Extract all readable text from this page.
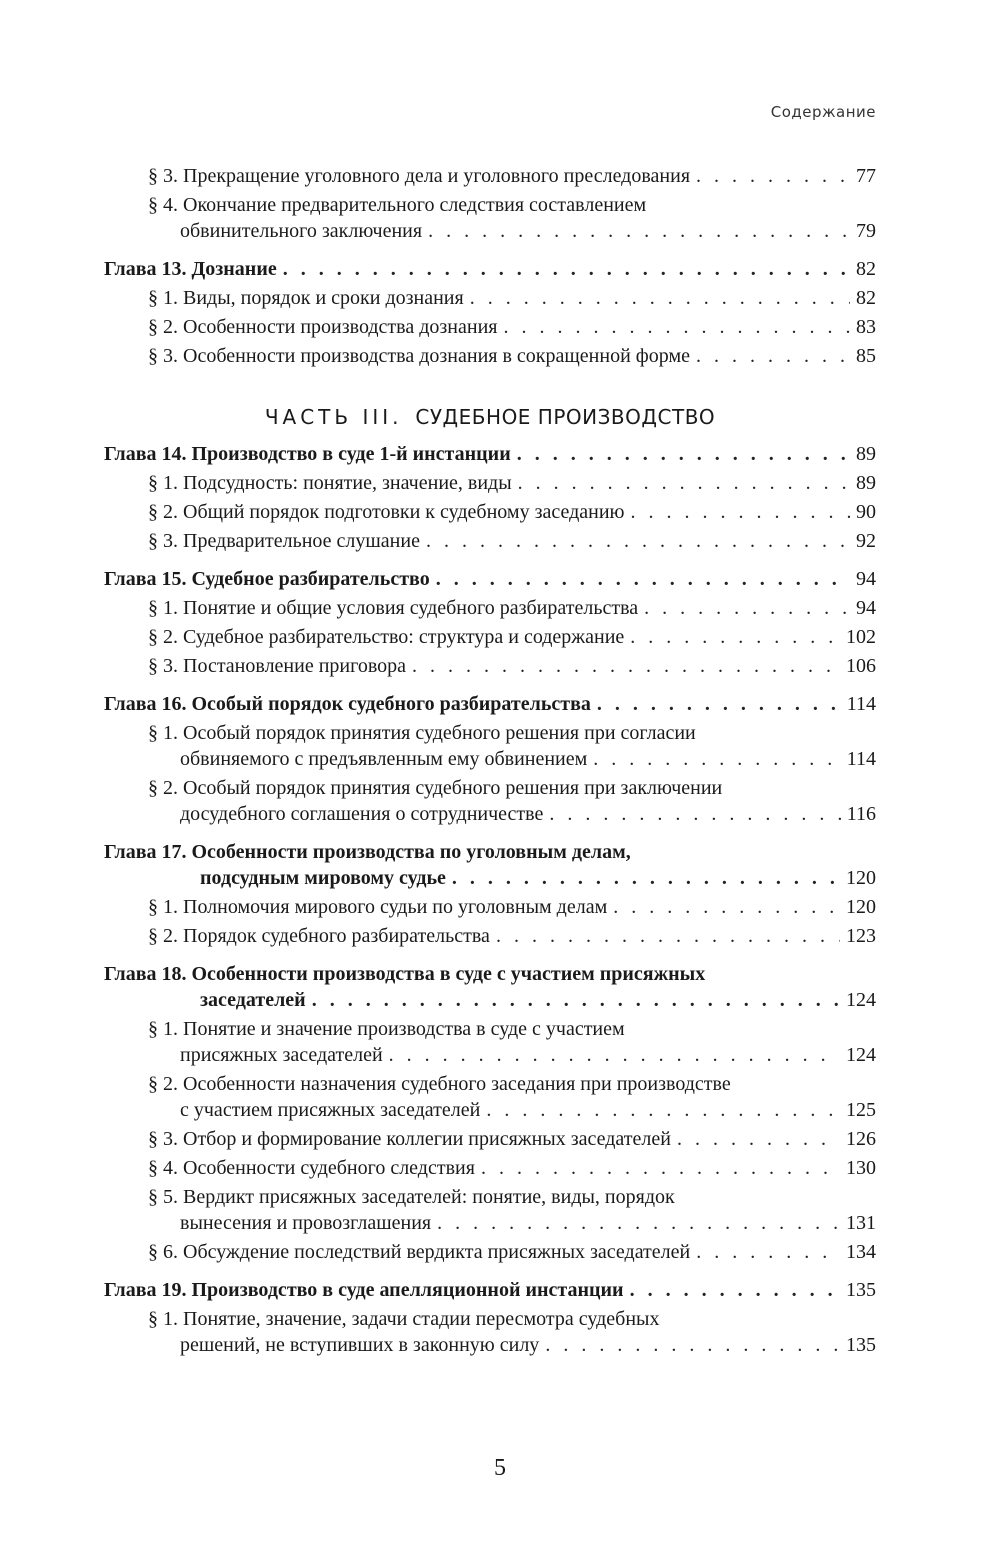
Содержание
§ 3. Прекращение уголовного дела и уголовного преследования . . .	77
§ 4. Окончание предварительного следствия составлением
обвинительного заключения . . .	79
Глава 13. Дознание . . .	82
§ 1. Виды, порядок и сроки дознания . . .	82
§ 2. Особенности производства дознания . . .	83
§ 3. Особенности производства дознания в сокращенной форме . . .	85
ЧАСТЬ III. СУДЕБНОЕ ПРОИЗВОДСТВО
Глава 14. Производство в суде 1-й инстанции . . .	89
§ 1. Подсудность: понятие, значение, виды . . .	89
§ 2. Общий порядок подготовки к судебному заседанию . . .	90
§ 3. Предварительное слушание . . .	92
Глава 15. Судебное разбирательство . . .	94
§ 1. Понятие и общие условия судебного разбирательства . . .	94
§ 2. Судебное разбирательство: структура и содержание . . .	102
§ 3. Постановление приговора . . .	106
Глава 16. Особый порядок судебного разбирательства . . .	114
§ 1. Особый порядок принятия судебного решения при согласии
обвиняемого с предъявленным ему обвинением . . .	114
§ 2. Особый порядок принятия судебного решения при заключении
досудебного соглашения о сотрудничестве . . .	116
Глава 17. Особенности производства по уголовным делам,
подсудным мировому судье . . .	120
§ 1. Полномочия мирового судьи по уголовным делам . . .	120
§ 2. Порядок судебного разбирательства . . .	123
Глава 18. Особенности производства в суде с участием присяжных
заседателей . . .	124
§ 1. Понятие и значение производства в суде с участием
присяжных заседателей . . .	124
§ 2. Особенности назначения судебного заседания при производстве
с участием присяжных заседателей . . .	125
§ 3. Отбор и формирование коллегии присяжных заседателей . . .	126
§ 4. Особенности судебного следствия . . .	130
§ 5. Вердикт присяжных заседателей: понятие, виды, порядок
вынесения и провозглашения . . .	131
§ 6. Обсуждение последствий вердикта присяжных заседателей . . .	134
Глава 19. Производство в суде апелляционной инстанции . . .	135
§ 1. Понятие, значение, задачи стадии пересмотра судебных
решений, не вступивших в законную силу . . .	135
5
